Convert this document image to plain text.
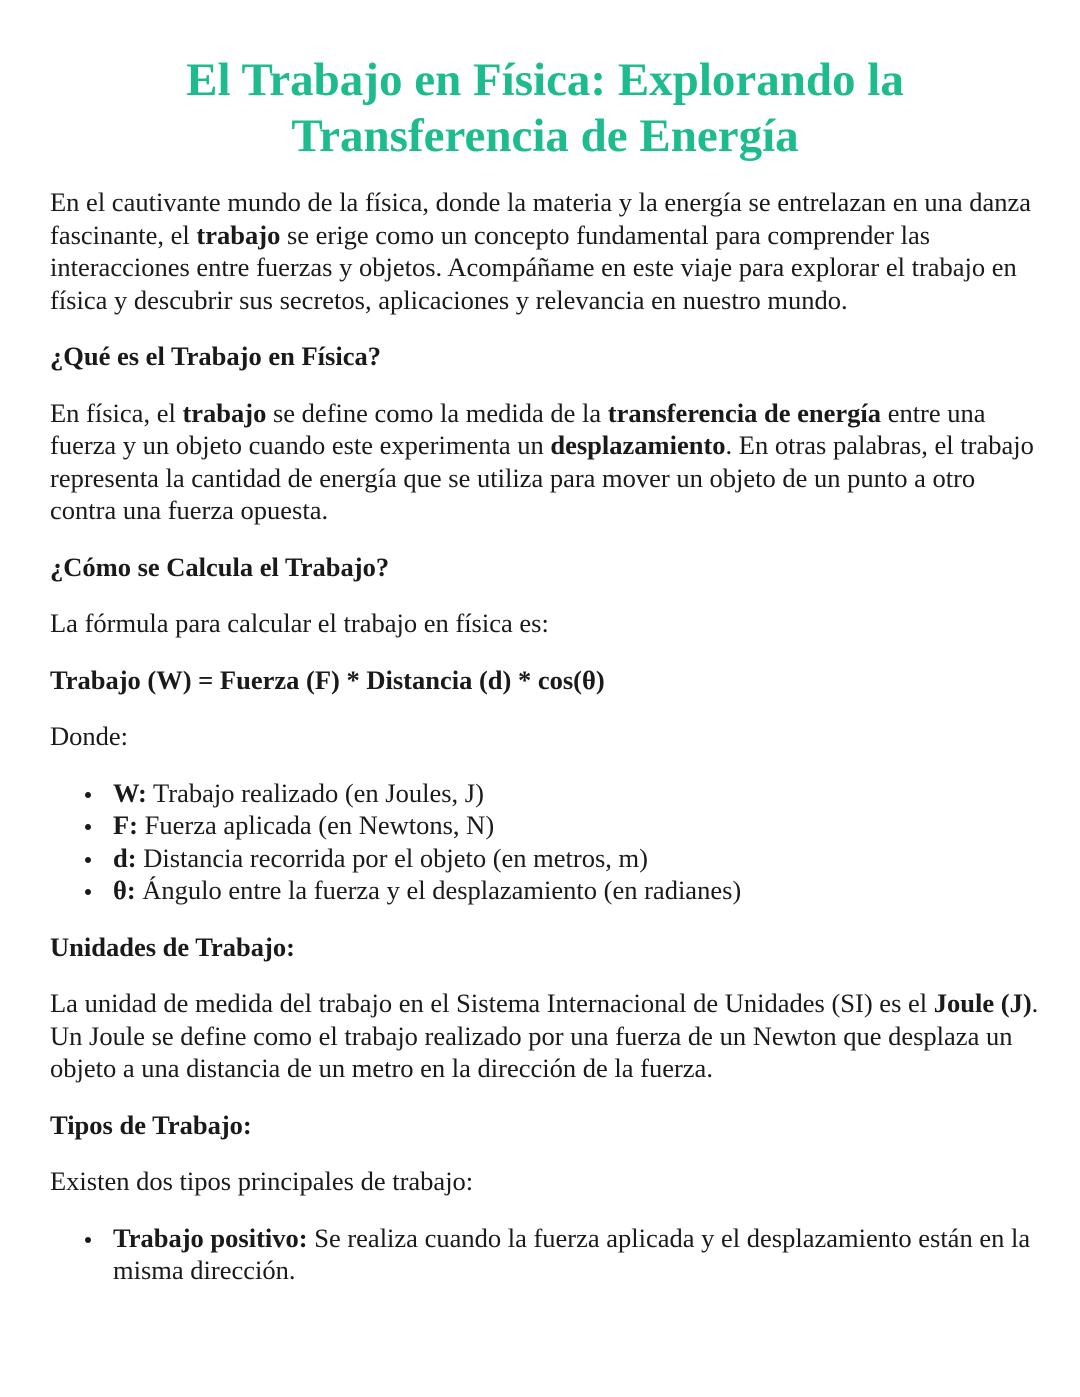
El Trabajo en Física: Explorando la
Transferencia de Energía

En el cautivante mundo de la física, donde la materia y la energía se entrelazan en una danza fascinante, el trabajo se erige como un concepto fundamental para comprender las interacciones entre fuerzas y objetos. Acompáñame en este viaje para explorar el trabajo en física y descubrir sus secretos, aplicaciones y relevancia en nuestro mundo.

¿Qué es el Trabajo en Física?

En física, el trabajo se define como la medida de la transferencia de energía entre una fuerza y un objeto cuando este experimenta un desplazamiento. En otras palabras, el trabajo representa la cantidad de energía que se utiliza para mover un objeto de un punto a otro contra una fuerza opuesta.

¿Cómo se Calcula el Trabajo?

La fórmula para calcular el trabajo en física es:

Trabajo (W) = Fuerza (F) * Distancia (d) * cos(θ)

Donde:

W: Trabajo realizado (en Joules, J)
F: Fuerza aplicada (en Newtons, N)
d: Distancia recorrida por el objeto (en metros, m)
θ: Ángulo entre la fuerza y el desplazamiento (en radianes)
Unidades de Trabajo:

La unidad de medida del trabajo en el Sistema Internacional de Unidades (SI) es el Joule (J). Un Joule se define como el trabajo realizado por una fuerza de un Newton que desplaza un objeto a una distancia de un metro en la dirección de la fuerza.

Tipos de Trabajo:

Existen dos tipos principales de trabajo:

Trabajo positivo: Se realiza cuando la fuerza aplicada y el desplazamiento están en la misma dirección.
